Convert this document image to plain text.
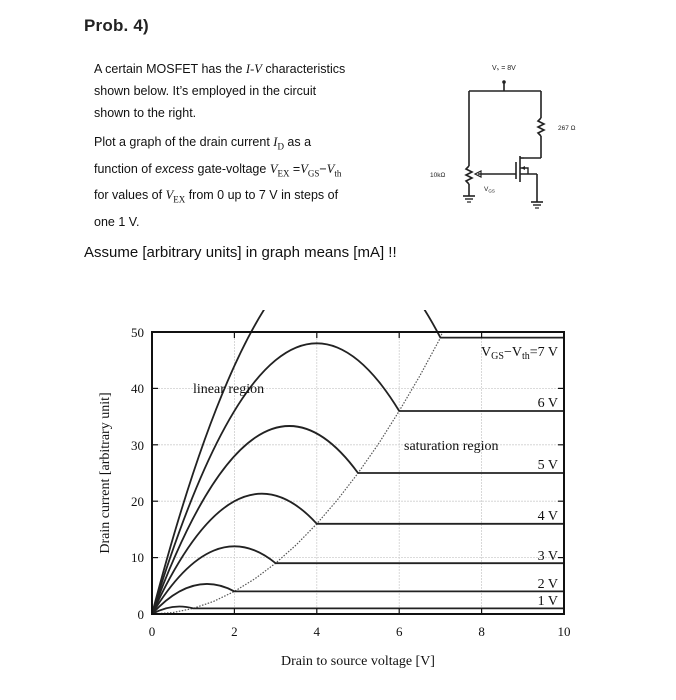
Prob. 4)
A certain MOSFET has the I-V characteristics
shown below. It’s employed in the circuit
shown to the right.
Plot a graph of the drain current $I_D$ as a
function of excess gate-voltage $V_{EX} =V_{GS}-V_{th}$
for values of $V_{EX}$ from 0 up to 7 V in steps of
one 1 V.
Assume [arbitrary units] in graph means [mA] !!
Vₛ = 8V
267 Ω
10kΩ
$V_{GS}$
0	2	4	6	8	10
0
10
20
30
40
50
Drain to source voltage [V]
Drain current [arbitrary unit]
linear region
saturation region
$V_{GS}-V_{th}=7$ V
6 V
5 V
4 V
3 V
2 V
1 V
